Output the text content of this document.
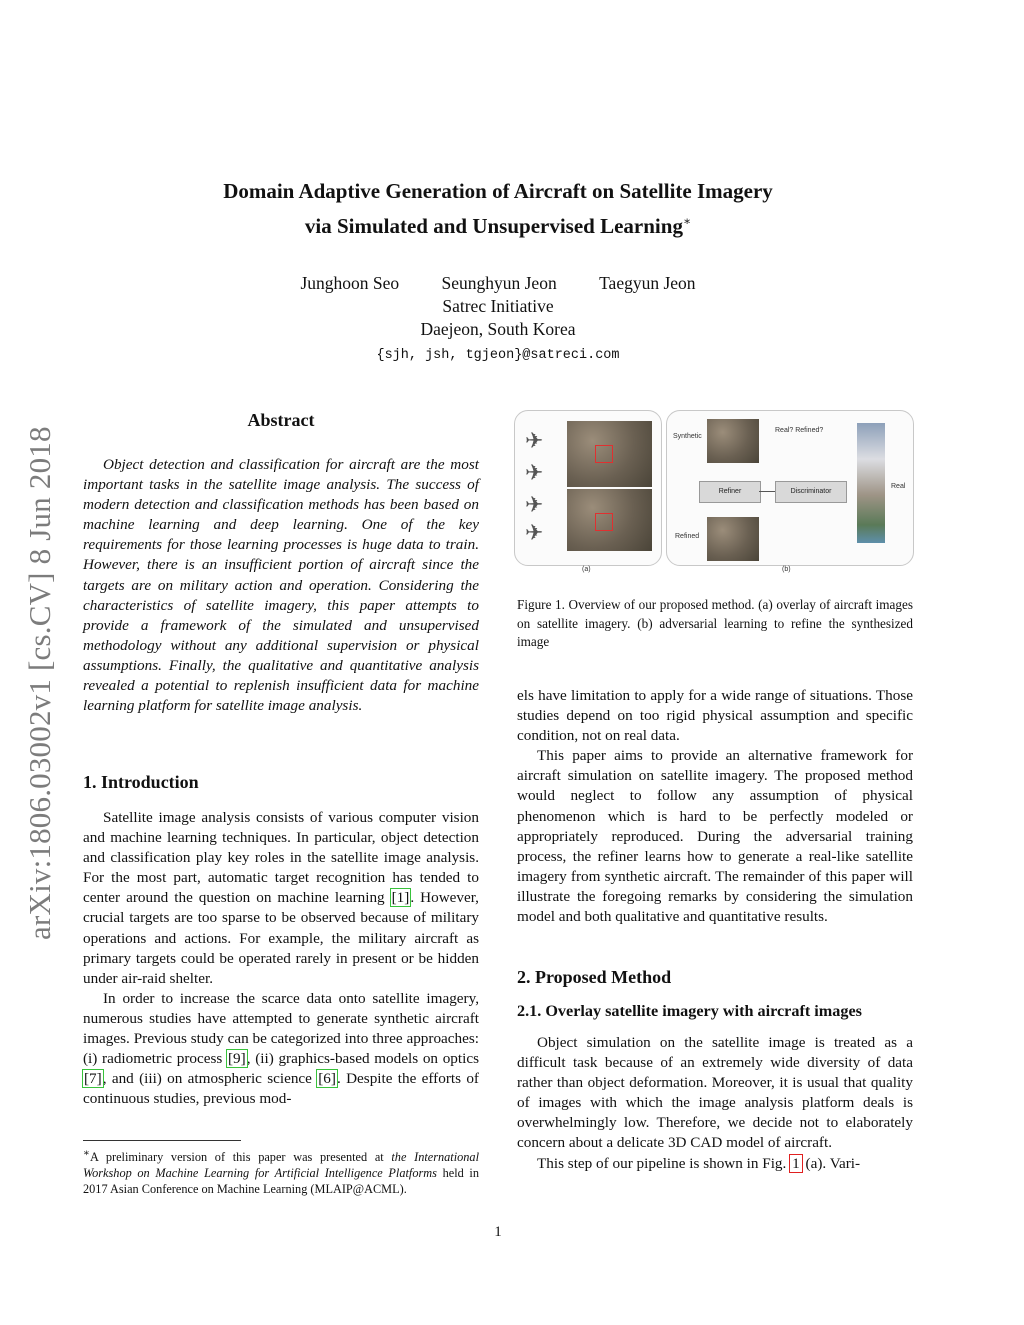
arXiv:1806.03002v1 [cs.CV] 8 Jun 2018
Domain Adaptive Generation of Aircraft on Satellite Imagery
via Simulated and Unsupervised Learning∗
Junghoon Seo Seunghyun Jeon Taegyun Jeon
Satrec Initiative
Daejeon, South Korea
{sjh, jsh, tgjeon}@satreci.com
Abstract

Object detection and classification for aircraft are the most important tasks in the satellite image analysis. The success of modern detection and classification methods has been based on machine learning and deep learning. One of the key requirements for those learning processes is huge data to train. However, there is an insufficient portion of aircraft since the targets are on military action and operation. Considering the characteristics of satellite imagery, this paper attempts to provide a framework of the simulated and unsupervised methodology without any additional supervision or physical assumptions. Finally, the qualitative and quantitative analysis revealed a potential to replenish insufficient data for machine learning platform for satellite image analysis.

1. Introduction

Satellite image analysis consists of various computer vision and machine learning techniques. In particular, object detection and classification play key roles in the satellite image analysis. For the most part, automatic target recognition has tended to center around the question on machine learning [1]. However, crucial targets are too sparse to be observed because of military operations and actions. For example, the military aircraft as primary targets could be operated rarely in present or be hidden under air-raid shelter.

In order to increase the scarce data onto satellite imagery, numerous studies have attempted to generate synthetic aircraft images. Previous study can be categorized into three approaches: (i) radiometric process [9], (ii) graphics-based models on optics [7], and (iii) on atmospheric science [6]. Despite the efforts of continuous studies, previous mod-

∗A preliminary version of this paper was presented at the International Workshop on Machine Learning for Artificial Intelligence Platforms held in 2017 Asian Conference on Machine Learning (MLAIP@ACML).
✈
✈
✈
✈
Synthetic
Real? Refined?
Refiner	Discriminator
Refined
Real
(a)	(b)
Figure 1. Overview of our proposed method. (a) overlay of aircraft images on satellite imagery. (b) adversarial learning to refine the synthesized image

els have limitation to apply for a wide range of situations. Those studies depend on too rigid physical assumption and specific condition, not on real data.

This paper aims to provide an alternative framework for aircraft simulation on satellite imagery. The proposed method would neglect to follow any assumption of physical phenomenon which is hard to be perfectly modeled or appropriately reproduced. During the adversarial training process, the refiner learns how to generate a real-like satellite imagery from synthetic aircraft. The remainder of this paper will illustrate the foregoing remarks by considering the simulation model and both qualitative and quantitative results.

2. Proposed Method
2.1. Overlay satellite imagery with aircraft images

Object simulation on the satellite image is treated as a difficult task because of an extremely wide diversity of data rather than object deformation. Moreover, it is usual that quality of images with which the image analysis platform deals is overwhelmingly low. Therefore, we decide not to elaborately concern about a delicate 3D CAD model of aircraft.

This step of our pipeline is shown in Fig. 1 (a). Vari-

1
